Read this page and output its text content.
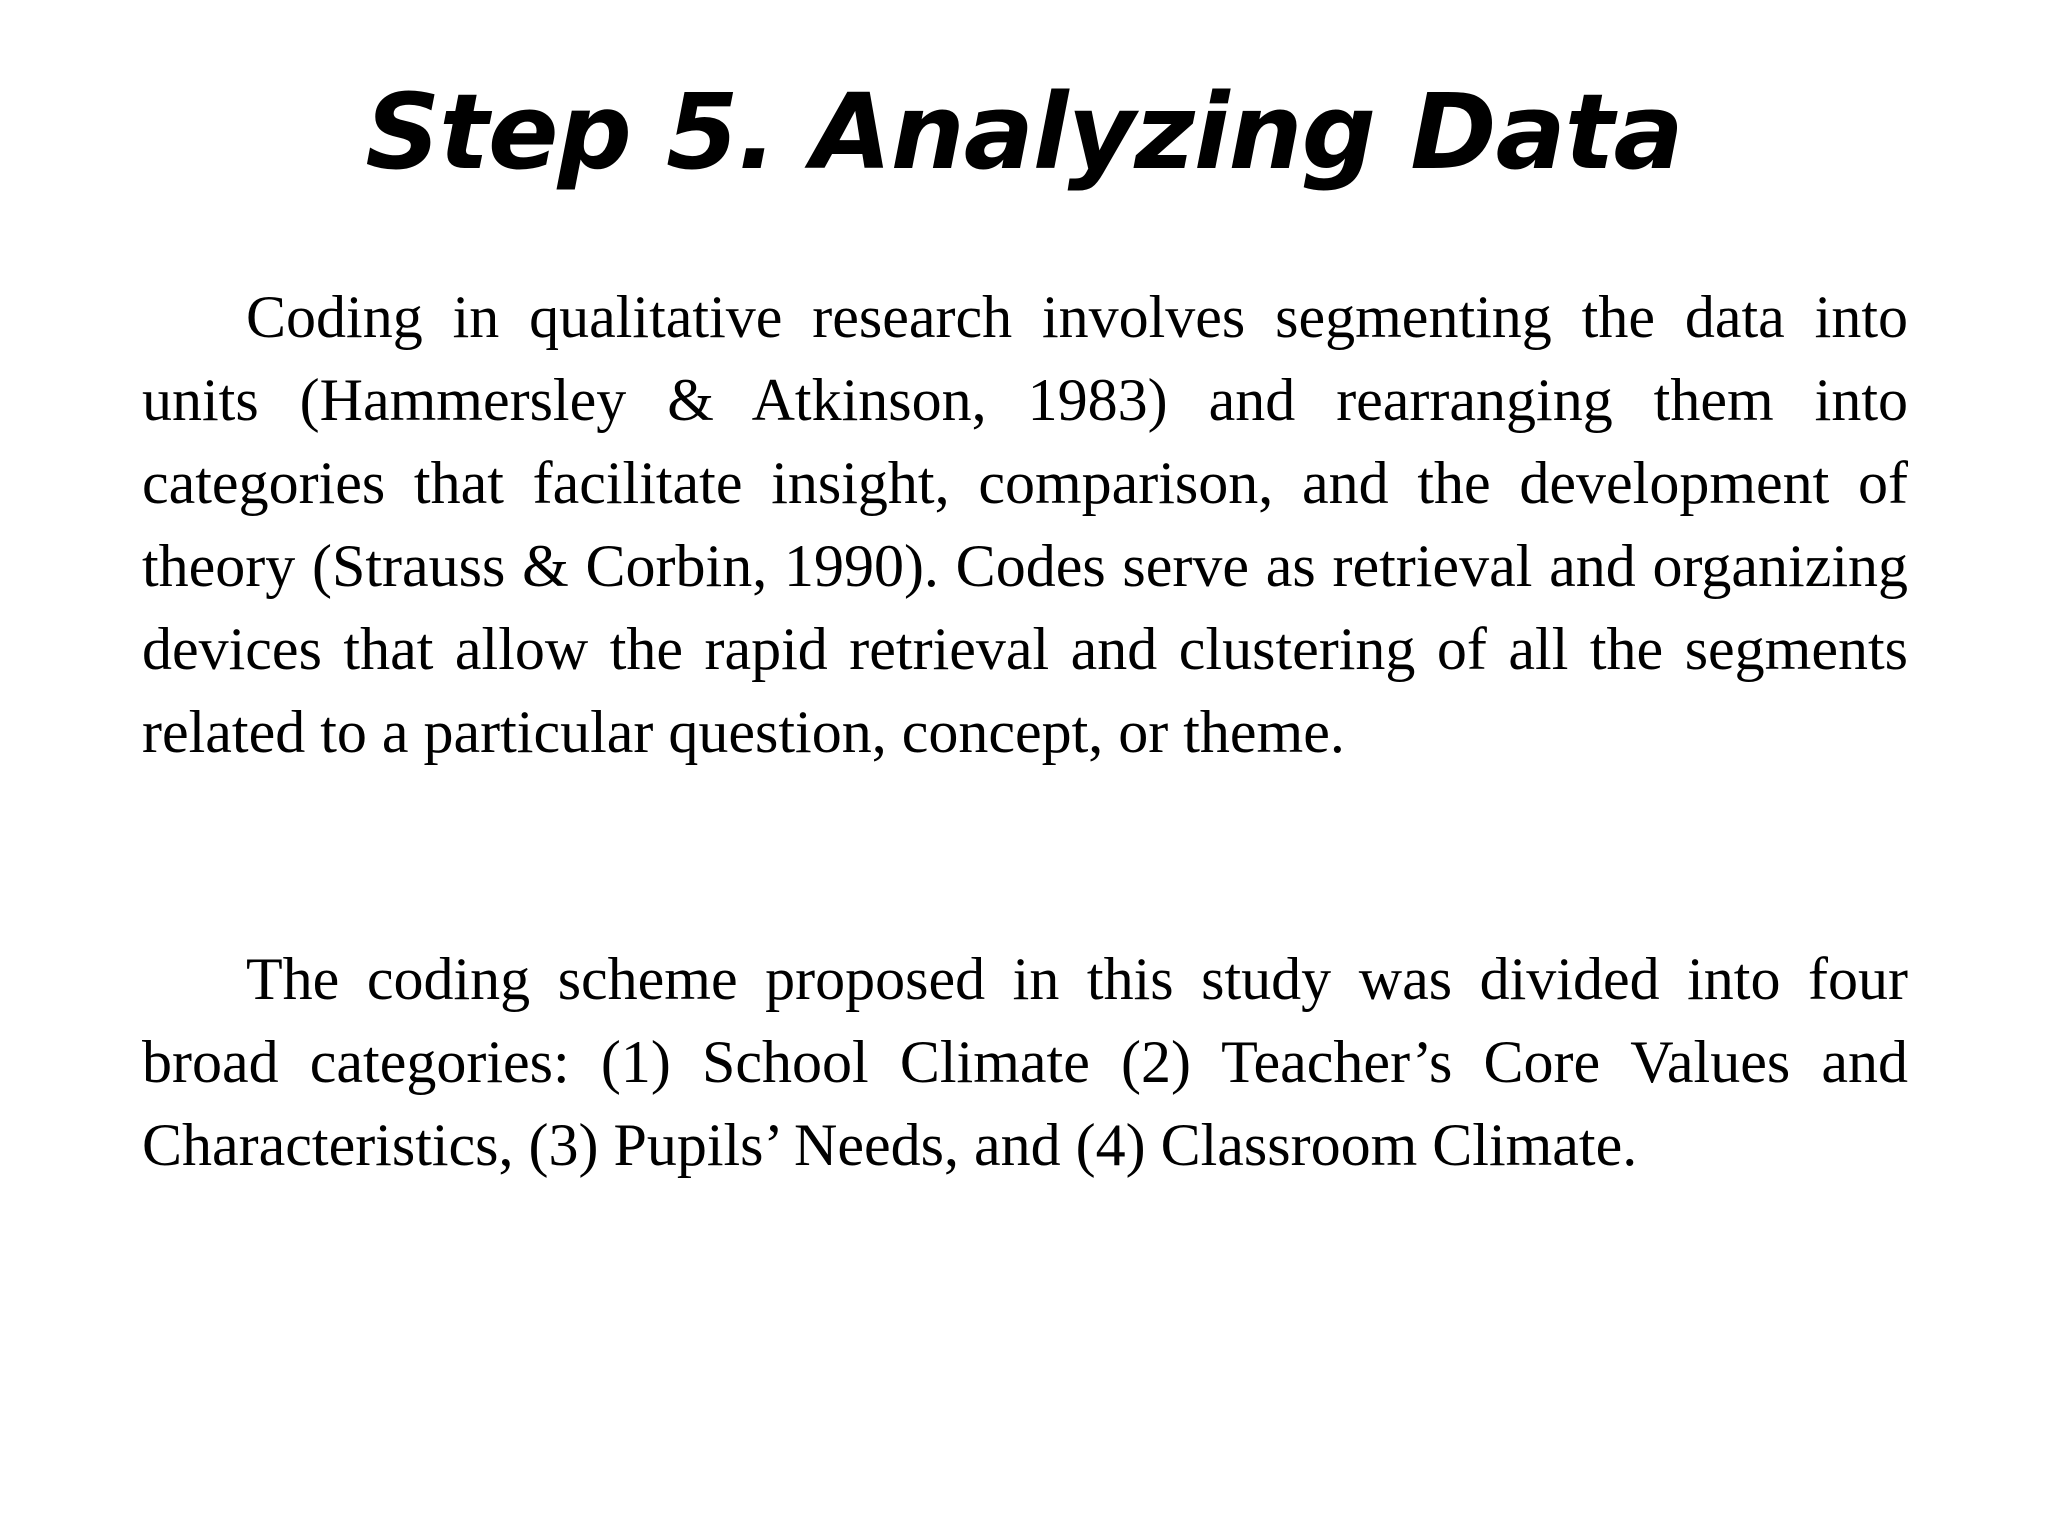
Step 5. Analyzing Data

Coding in qualitative research involves segmenting the data into units (Hammersley & Atkinson, 1983) and rearranging them into categories that facilitate insight, comparison, and the development of theory (Strauss & Corbin, 1990). Codes serve as retrieval and organizing devices that allow the rapid retrieval and clustering of all the segments related to a particular question, concept, or theme.

The coding scheme proposed in this study was divided into four broad categories: (1) School Climate (2) Teacher’s Core Values and Characteristics, (3) Pupils’ Needs, and (4) Classroom Climate.
